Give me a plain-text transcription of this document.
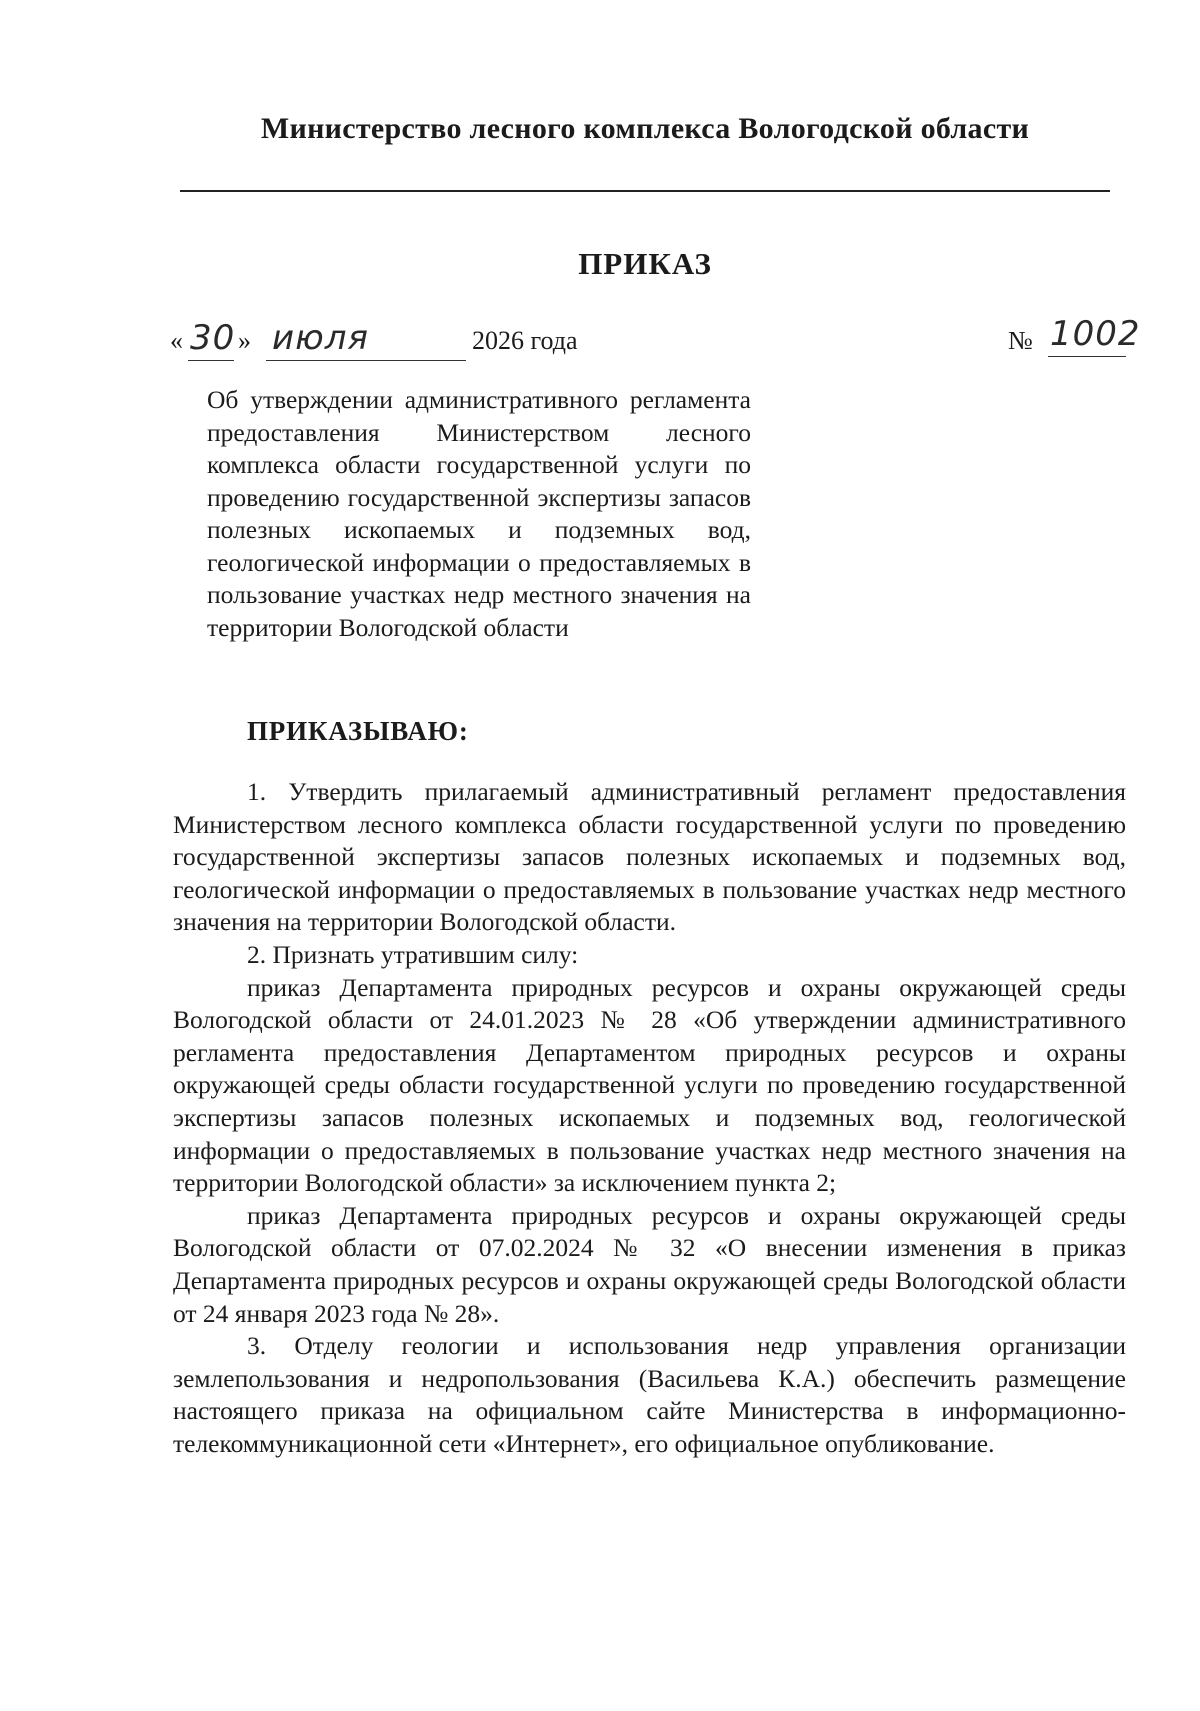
Министерство лесного комплекса Вологодской области
ПРИКАЗ
« 30 » июля	2026 года	№ 1002
Об утверждении административного регламента предоставления Министерством лесного комплекса области государственной услуги по проведению государственной экспертизы запасов полезных ископаемых и подземных вод, геологической информации о предоставляемых в пользование участках недр местного значения на территории Вологодской области
ПРИКАЗЫВАЮ:

1. Утвердить прилагаемый административный регламент предоставления Министерством лесного комплекса области государственной услуги по проведению государственной экспертизы запасов полезных ископаемых и подземных вод, геологической информации о предоставляемых в пользование участках недр местного значения на территории Вологодской области.

2. Признать утратившим силу:

приказ Департамента природных ресурсов и охраны окружающей среды Вологодской области от 24.01.2023 № 28 «Об утверждении административного регламента предоставления Департаментом природных ресурсов и охраны окружающей среды области государственной услуги по проведению государственной экспертизы запасов полезных ископаемых и подземных вод, геологической информации о предоставляемых в пользование участках недр местного значения на территории Вологодской области» за исключением пункта 2;

приказ Департамента природных ресурсов и охраны окружающей среды Вологодской области от 07.02.2024 № 32 «О внесении изменения в приказ Департамента природных ресурсов и охраны окружающей среды Вологодской области от 24 января 2023 года № 28».

3. Отделу геологии и использования недр управления организации землепользования и недропользования (Васильева К.А.) обеспечить размещение настоящего приказа на официальном сайте Министерства в информационно-телекоммуникационной сети «Интернет», его официальное опубликование.
